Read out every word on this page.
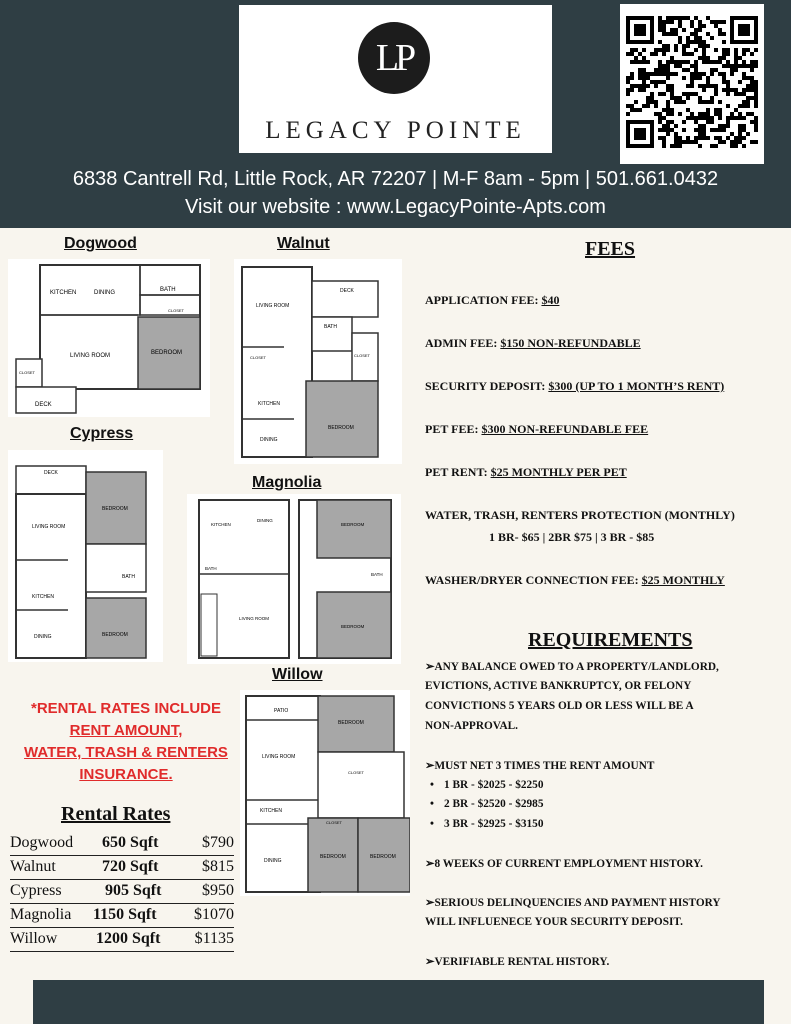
LP
LEGACY POINTE
6838 Cantrell Rd, Little Rock, AR 72207 | M-F 8am - 5pm | 501.661.0432
Visit our website : www.LegacyPointe-Apts.com
Dogwood
KITCHEN	DINING	BATH
CLOSET
LIVING ROOM	BEDROOM
CLOSET
DECK
Walnut
DECK
LIVING ROOM
BATH
CLOSET	CLOSET
KITCHEN
BEDROOM
DINING
Cypress
DECK
LIVING ROOM
BEDROOM
KITCHEN
BATH
DINING	BEDROOM
Magnolia
KITCHEN
DINING
BATH
LIVING ROOM
BEDROOM
BATH
BEDROOM
Willow
PATIO
BEDROOM
LIVING ROOM
CLOSET
KITCHEN
CLOSET
DINING
BEDROOM	BEDROOM
*RENTAL RATES INCLUDE
RENT AMOUNT,
WATER, TRASH & RENTERS
INSURANCE.
Rental Rates
Dogwood 650 Sqft	$790
Walnut	720 Sqft	$815
Cypress	905 Sqft	$950
Magnolia 1150 Sqft $1070
Willow 1200 Sqft $1135
FEES
APPLICATION FEE: $40
ADMIN FEE: $150 NON-REFUNDABLE
SECURITY DEPOSIT: $300 (UP TO 1 MONTH’S RENT)
PET FEE: $300 NON-REFUNDABLE FEE
PET RENT: $25 MONTHLY PER PET
WATER, TRASH, RENTERS PROTECTION (MONTHLY)
1 BR- $65 | 2BR $75 | 3 BR - $85
WASHER/DRYER CONNECTION FEE: $25 MONTHLY
REQUIREMENTS
➢ANY BALANCE OWED TO A PROPERTY/LANDLORD,
EVICTIONS, ACTIVE BANKRUPTCY, OR FELONY
CONVICTIONS 5 YEARS OLD OR LESS WILL BE A
NON-APPROVAL.
➢MUST NET 3 TIMES THE RENT AMOUNT
• 1 BR - $2025 - $2250
• 2 BR - $2520 - $2985
• 3 BR - $2925 - $3150
➢8 WEEKS OF CURRENT EMPLOYMENT HISTORY.
➢SERIOUS DELINQUENCIES AND PAYMENT HISTORY
WILL INFLUENECE YOUR SECURITY DEPOSIT.
➢VERIFIABLE RENTAL HISTORY.
